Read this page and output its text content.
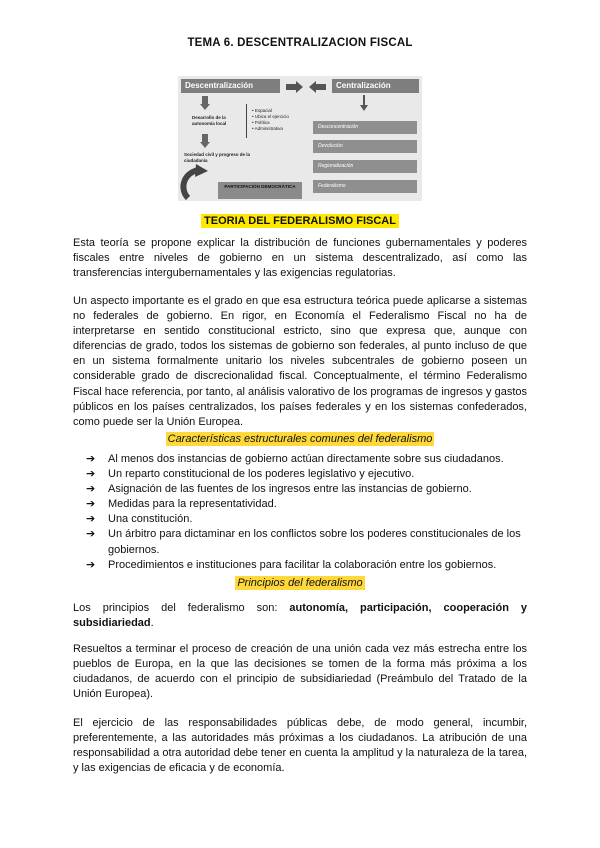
TEMA 6. DESCENTRALIZACION FISCAL
Descentralización	Centralización
Desarrollo de la autonomía local
• Espacial
• Ubica el ejercicio
• Política
• Administrativa
Sociedad civil y progreso de la ciudadanía
PARTICIPACIÓN DEMOCRÁTICA
Desconcentración
Devolución
Regionalización
Federalismo
TEORIA DEL FEDERALISMO FISCAL

Esta teoría se propone explicar la distribución de funciones gubernamentales y poderes fiscales entre niveles de gobierno en un sistema descentralizado, así como las transferencias intergubernamentales y las exigencias regulatorias.

Un aspecto importante es el grado en que esa estructura teórica puede aplicarse a sistemas no federales de gobierno. En rigor, en Economía el Federalismo Fiscal no ha de interpretarse en sentido constitucional estricto, sino que expresa que, aunque con diferencias de grado, todos los sistemas de gobierno son federales, al punto incluso de que en un sistema formalmente unitario los niveles subcentrales de gobierno poseen un considerable grado de discrecionalidad fiscal. Conceptualmente, el término Federalismo Fiscal hace referencia, por tanto, al análisis valorativo de los programas de ingresos y gastos públicos en los países centralizados, los países federales y en los sistemas confederados, como puede ser la Unión Europea.

Características estructurales comunes del federalismo
➔ Al menos dos instancias de gobierno actúan directamente sobre sus ciudadanos.
➔ Un reparto constitucional de los poderes legislativo y ejecutivo.
➔ Asignación de las fuentes de los ingresos entre las instancias de gobierno.
➔ Medidas para la representatividad.
➔ Una constitución.
➔ Un árbitro para dictaminar en los conflictos sobre los poderes constitucionales de los gobiernos.
➔ Procedimientos e instituciones para facilitar la colaboración entre los gobiernos.
Principios del federalismo

Los principios del federalismo son: autonomía, participación, cooperación y subsidiariedad.

Resueltos a terminar el proceso de creación de una unión cada vez más estrecha entre los pueblos de Europa, en la que las decisiones se tomen de la forma más próxima a los ciudadanos, de acuerdo con el principio de subsidiariedad (Preámbulo del Tratado de la Unión Europea).

El ejercicio de las responsabilidades públicas debe, de modo general, incumbir, preferentemente, a las autoridades más próximas a los ciudadanos. La atribución de una responsabilidad a otra autoridad debe tener en cuenta la amplitud y la naturaleza de la tarea, y las exigencias de eficacia y de economía.
